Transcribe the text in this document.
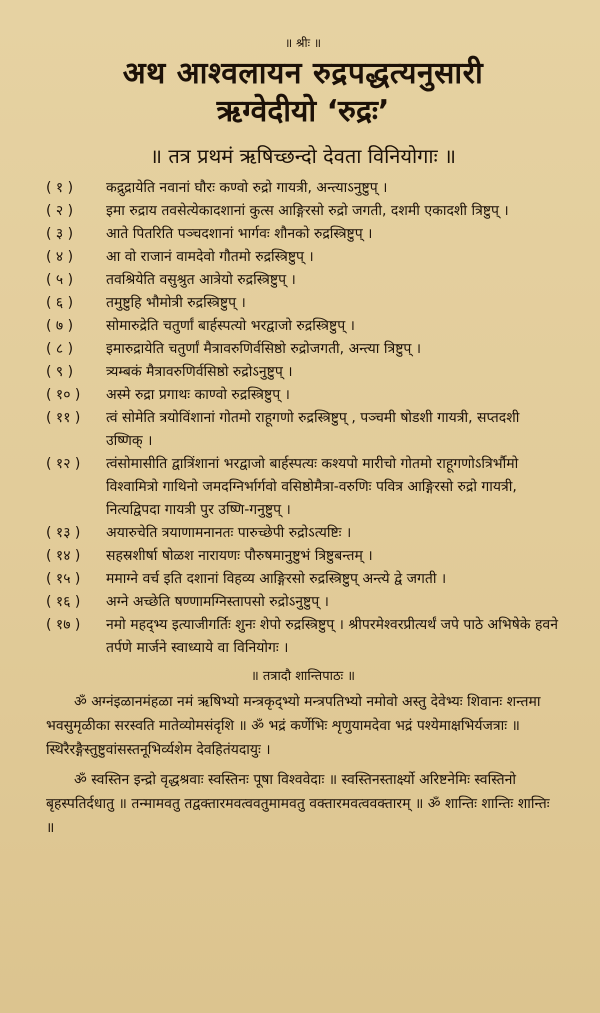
॥ श्रीः ॥
अथ आश्वलायन रुद्रपद्धत्यनुसारी
ऋग्वेदीयो ‘रुद्रः’
॥ तत्र प्रथमं ऋषिच्छन्दो देवता विनियोगाः ॥
( १ )	कद्रुद्रायेति नवानां घौरः कण्वो रुद्रो गायत्री, अन्त्याऽनुष्टुप् ।
( २ )	इमा रुद्राय तवसेत्येकादशानां कुत्स आङ्गिरसो रुद्रो जगती, दशमी एकादशी त्रिष्टुप् ।
( ३ )	आते पितरिति पञ्चदशानां भार्गवः शौनको रुद्रस्त्रिष्टुप् ।
( ४ )	आ वो राजानं वामदेवो गौतमो रुद्रस्त्रिष्टुप् ।
( ५ )	तवश्रियेति वसुश्रुत आत्रेयो रुद्रस्त्रिष्टुप् ।
( ६ )	तमुष्टुहि भौमोत्री रुद्रस्त्रिष्टुप् ।
( ७ )	सोमारुद्रेति चतुर्णां बार्हस्पत्यो भरद्वाजो रुद्रस्त्रिष्टुप् ।
( ८ )	इमारुद्रायेति चतुर्णां मैत्रावरुणिर्वसिष्ठो रुद्रोजगती, अन्त्या त्रिष्टुप् ।
( ९ )	त्र्यम्बकं मैत्रावरुणिर्वसिष्ठो रुद्रोऽनुष्टुप् ।
( १० )	अस्मे रुद्रा प्रगाथः काण्वो रुद्रस्त्रिष्टुप् ।
( ११ )	त्वं सोमेति त्रयोविंशानां गोतमो राहूगणो रुद्रस्त्रिष्टुप् , पञ्चमी षोडशी गायत्री, सप्तदशी उष्णिक् ।
( १२ )	त्वंसोमासीति द्वात्रिंशानां भरद्वाजो बार्हस्पत्यः कश्यपो मारीचो गोतमो राहूगणोऽत्रिर्भौमो विश्वामित्रो गाथिनो जमदग्निर्भार्गवो वसिष्ठोमैत्रा-वरुणिः पवित्र आङ्गिरसो रुद्रो गायत्री, नित्यद्विपदा गायत्री पुर उष्णि-गनुष्टुप् ।
( १३ )	अयारुचेति त्रयाणामनानतः पारुच्छेपी रुद्रोऽत्यष्टिः ।
( १४ )	सहस्रशीर्षा षोळश नारायणः पौरुषमानुष्टुभं त्रिष्टुबन्तम् ।
( १५ )	ममाग्ने वर्च इति दशानां विहव्य आङ्गिरसो रुद्रस्त्रिष्टुप् अन्त्ये द्वे जगती ।
( १६ )	अग्ने अच्छेति षण्णामग्निस्तापसो रुद्रोऽनुष्टुप् ।
( १७ )	नमो महद्भ्य इत्याजीगर्तिः शुनः शेपो रुद्रस्त्रिष्टुप् । श्रीपरमेश्वरप्रीत्यर्थं जपे पाठे अभिषेके हवने तर्पणे मार्जने स्वाध्याये वा विनियोगः ।
॥ तत्रादौ शान्तिपाठः ॥
ॐ अग्नंइळानमंहळा नमं ऋषिभ्यो मन्त्रकृद्भ्यो मन्त्रपतिभ्यो नमोवो अस्तु देवेभ्यः शिवानः शन्तमा भवसुमृळीका सरस्वति मातेव्योमसंदृशि ॥ ॐ भद्रं कर्णेभिः शृणुयामदेवा भद्रं पश्येमाक्षभिर्यजत्राः ॥ स्थिरैरङ्गैस्तुष्टुवांसस्तनूभिर्व्यशेम देवहितंयदायुः ।
ॐ स्वस्तिन इन्द्रो वृद्धश्रवाः स्वस्तिनः पूषा विश्ववेदाः ॥ स्वस्तिनस्तार्क्ष्यो अरिष्टनेमिः स्वस्तिनो बृहस्पतिर्दधातु ॥ तन्मामवतु तद्वक्तारमवत्ववतुमामवतु वक्तारमवत्ववक्तारम् ॥ ॐ शान्तिः शान्तिः शान्तिः ॥
